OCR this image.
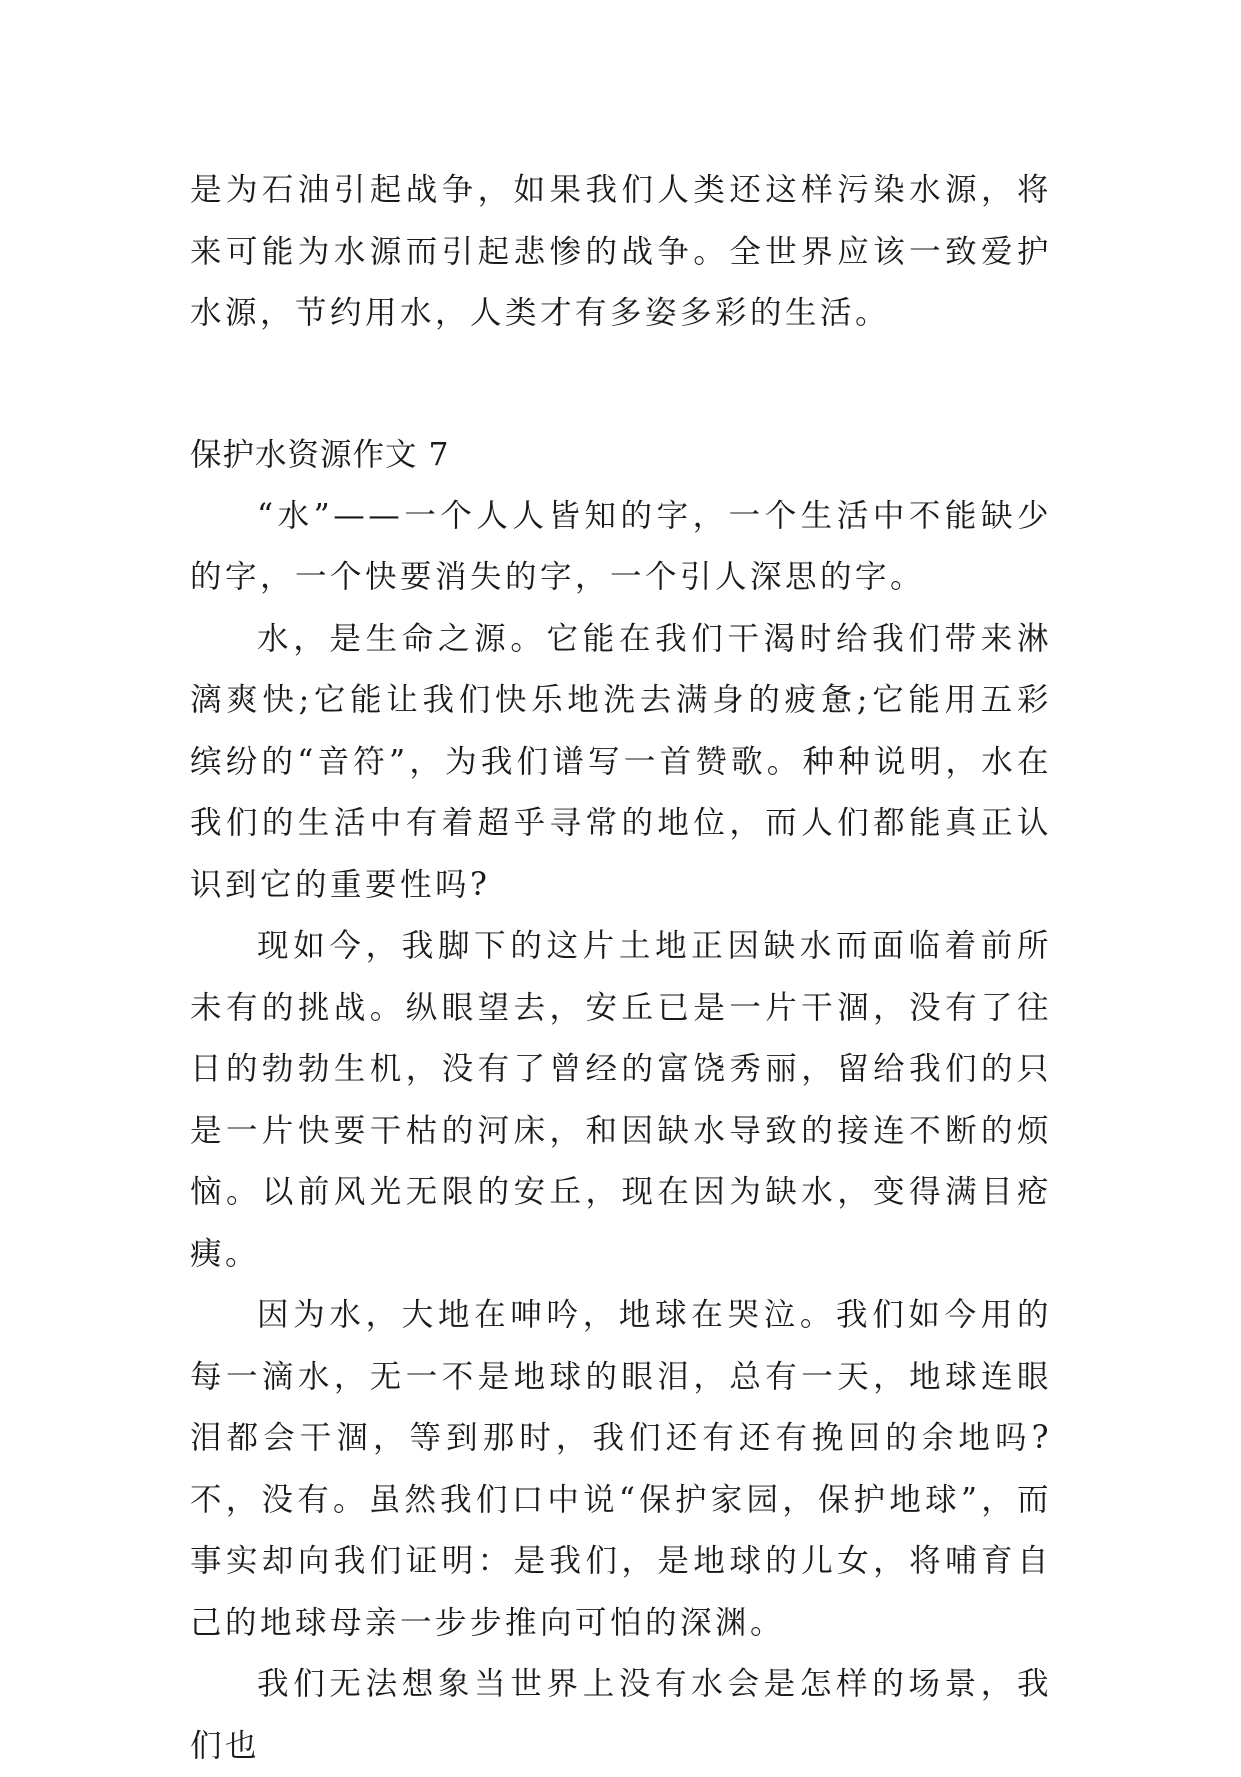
是为石油引起战争，如果我们人类还这样污染水源，将来可能为水源而引起悲惨的战争。全世界应该一致爱护水源，节约用水，人类才有多姿多彩的生活。

保护水资源作文 7

“水”——一个人人皆知的字，一个生活中不能缺少的字，一个快要消失的字，一个引人深思的字。

水，是生命之源。它能在我们干渴时给我们带来淋漓爽快;它能让我们快乐地洗去满身的疲惫;它能用五彩缤纷的“音符”，为我们谱写一首赞歌。种种说明，水在我们的生活中有着超乎寻常的地位，而人们都能真正认识到它的重要性吗?

现如今，我脚下的这片土地正因缺水而面临着前所未有的挑战。纵眼望去，安丘已是一片干涸，没有了往日的勃勃生机，没有了曾经的富饶秀丽，留给我们的只是一片快要干枯的河床，和因缺水导致的接连不断的烦恼。以前风光无限的安丘，现在因为缺水，变得满目疮痍。

因为水，大地在呻吟，地球在哭泣。我们如今用的每一滴水，无一不是地球的眼泪，总有一天，地球连眼泪都会干涸，等到那时，我们还有还有挽回的余地吗?不，没有。虽然我们口中说“保护家园，保护地球”，而事实却向我们证明：是我们，是地球的儿女，将哺育自己的地球母亲一步步推向可怕的深渊。

我们无法想象当世界上没有水会是怎样的场景，我们也
